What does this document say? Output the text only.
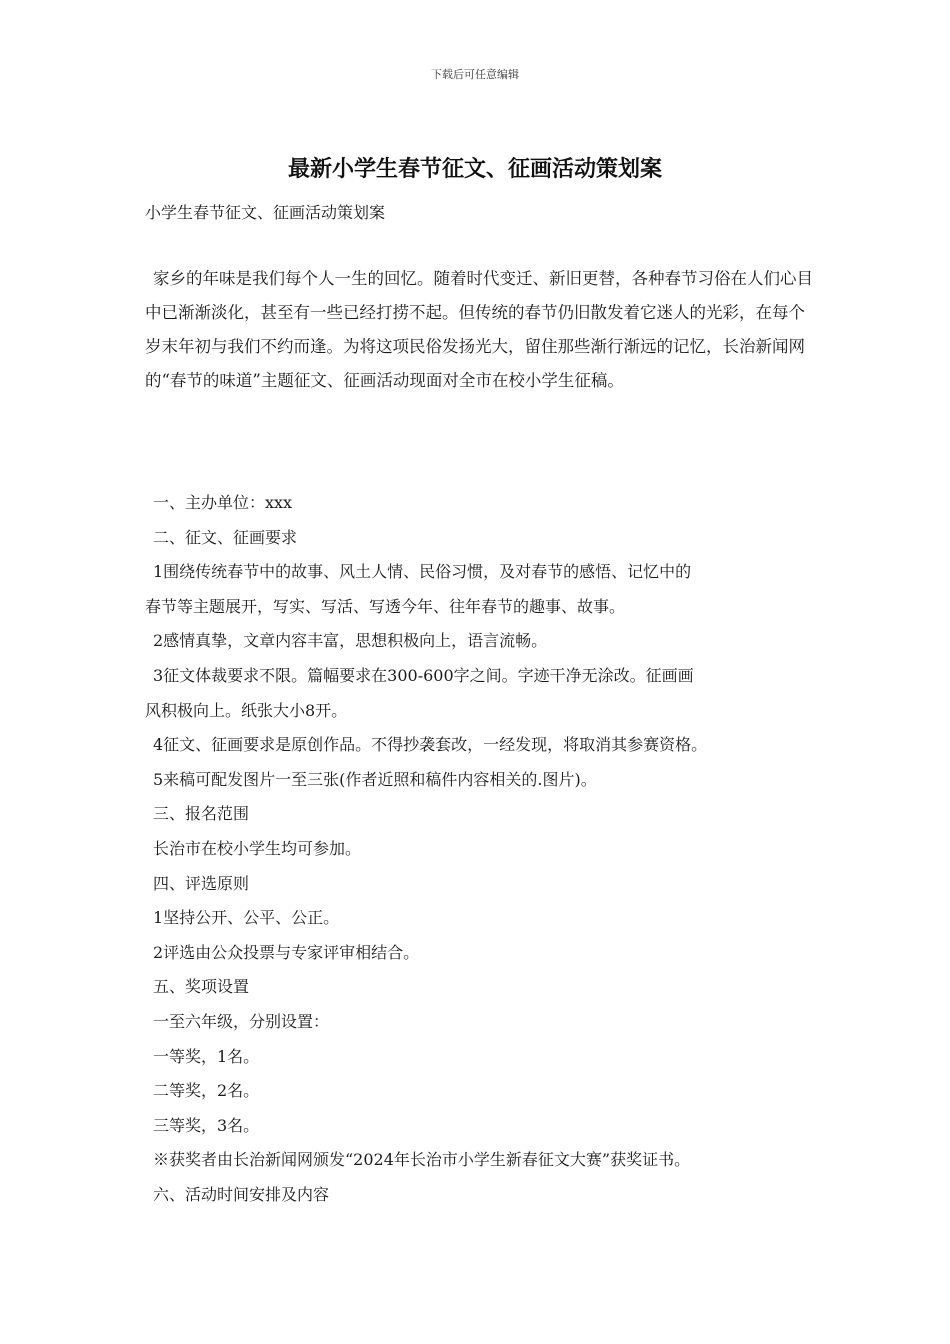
下载后可任意编辑
最新小学生春节征文、征画活动策划案
小学生春节征文、征画活动策划案

家乡的年味是我们每个人一生的回忆。随着时代变迁、新旧更替，各种春节习俗在人们心目中已渐渐淡化，甚至有一些已经打捞不起。但传统的春节仍旧散发着它迷人的光彩，在每个岁末年初与我们不约而逢。为将这项民俗发扬光大，留住那些渐行渐远的记忆，长治新闻网的“春节的味道”主题征文、征画活动现面对全市在校小学生征稿。

一、主办单位：xxx
二、征文、征画要求
1围绕传统春节中的故事、风土人情、民俗习惯，及对春节的感悟、记忆中的
春节等主题展开，写实、写活、写透今年、往年春节的趣事、故事。
2感情真挚，文章内容丰富，思想积极向上，语言流畅。
3征文体裁要求不限。篇幅要求在300-600字之间。字迹干净无涂改。征画画
风积极向上。纸张大小8开。
4征文、征画要求是原创作品。不得抄袭套改，一经发现，将取消其参赛资格。
5来稿可配发图片一至三张(作者近照和稿件内容相关的.图片)。
三、报名范围
长治市在校小学生均可参加。
四、评选原则
1坚持公开、公平、公正。
2评选由公众投票与专家评审相结合。
五、奖项设置
一至六年级，分别设置：
一等奖，1名。
二等奖，2名。
三等奖，3名。
※获奖者由长治新闻网颁发“2024年长治市小学生新春征文大赛”获奖证书。
六、活动时间安排及内容
